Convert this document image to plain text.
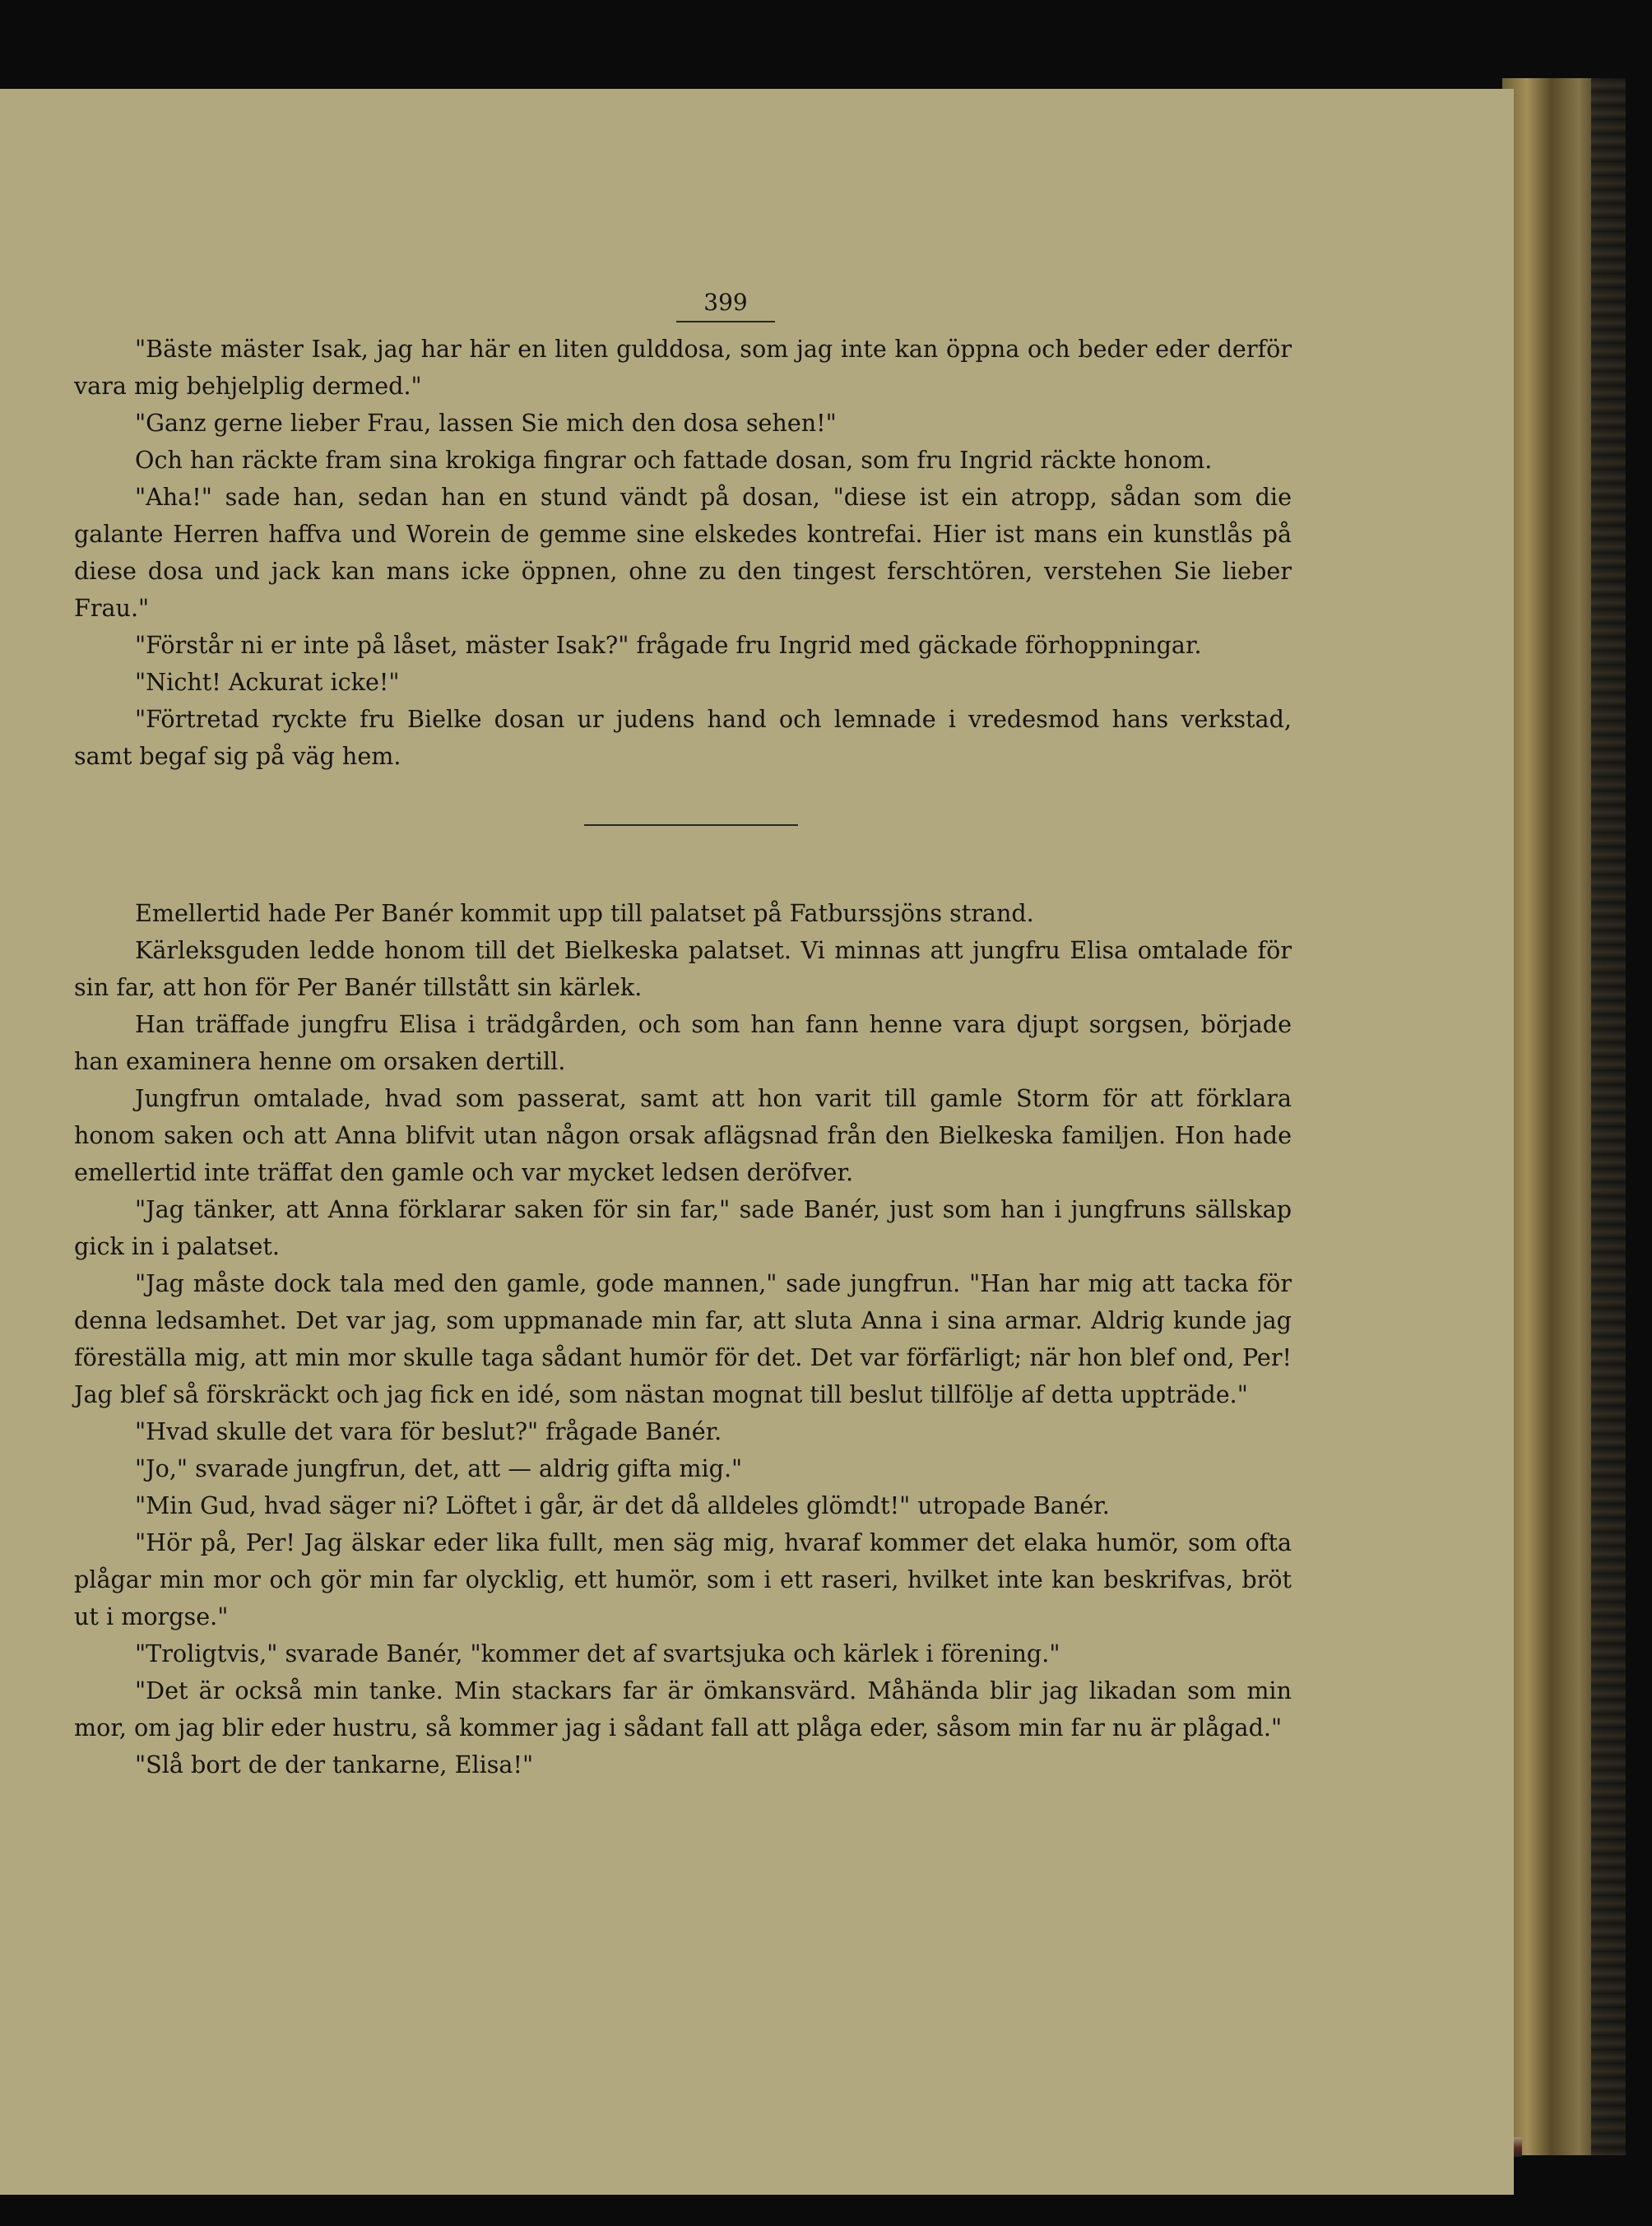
399

"Bäste mäster Isak, jag har här en liten gulddosa, som jag inte kan öppna och beder eder derför vara mig behjelplig dermed."

"Ganz gerne lieber Frau, lassen Sie mich den dosa sehen!"

Och han räckte fram sina krokiga fingrar och fattade dosan, som fru Ingrid räckte honom.

"Aha!" sade han, sedan han en stund vändt på dosan, "diese ist ein atropp, sådan som die galante Herren haffva und Worein de gemme sine elskedes kontrefai. Hier ist mans ein kunstlås på diese dosa und jack kan mans icke öppnen, ohne zu den tingest ferschtören, verstehen Sie lieber Frau."

"Förstår ni er inte på låset, mäster Isak?" frågade fru Ingrid med gäckade förhoppningar.

"Nicht! Ackurat icke!"

"Förtretad ryckte fru Bielke dosan ur judens hand och lemnade i vredesmod hans verkstad, samt begaf sig på väg hem.

Emellertid hade Per Banér kommit upp till palatset på Fatburssjöns strand.

Kärleksguden ledde honom till det Bielkeska palatset. Vi minnas att jungfru Elisa omtalade för sin far, att hon för Per Banér tillstått sin kärlek.

Han träffade jungfru Elisa i trädgården, och som han fann henne vara djupt sorgsen, började han examinera henne om orsaken dertill.

Jungfrun omtalade, hvad som passerat, samt att hon varit till gamle Storm för att förklara honom saken och att Anna blifvit utan någon orsak aflägsnad från den Bielkeska familjen. Hon hade emellertid inte träffat den gamle och var mycket ledsen deröfver.

"Jag tänker, att Anna förklarar saken för sin far," sade Banér, just som han i jungfruns sällskap gick in i palatset.

"Jag måste dock tala med den gamle, gode mannen," sade jungfrun. "Han har mig att tacka för denna ledsamhet. Det var jag, som uppmanade min far, att sluta Anna i sina armar. Aldrig kunde jag föreställa mig, att min mor skulle taga sådant humör för det. Det var förfärligt; när hon blef ond, Per! Jag blef så förskräckt och jag fick en idé, som nästan mognat till beslut tillfölje af detta uppträde."

"Hvad skulle det vara för beslut?" frågade Banér.

"Jo," svarade jungfrun, det, att — aldrig gifta mig."

"Min Gud, hvad säger ni? Löftet i går, är det då alldeles glömdt!" utropade Banér.

"Hör på, Per! Jag älskar eder lika fullt, men säg mig, hvaraf kommer det elaka humör, som ofta plågar min mor och gör min far olycklig, ett humör, som i ett raseri, hvilket inte kan beskrifvas, bröt ut i morgse."

"Troligtvis," svarade Banér, "kommer det af svartsjuka och kärlek i förening."

"Det är också min tanke. Min stackars far är ömkansvärd. Måhända blir jag likadan som min mor, om jag blir eder hustru, så kommer jag i sådant fall att plåga eder, såsom min far nu är plågad."

"Slå bort de der tankarne, Elisa!"
